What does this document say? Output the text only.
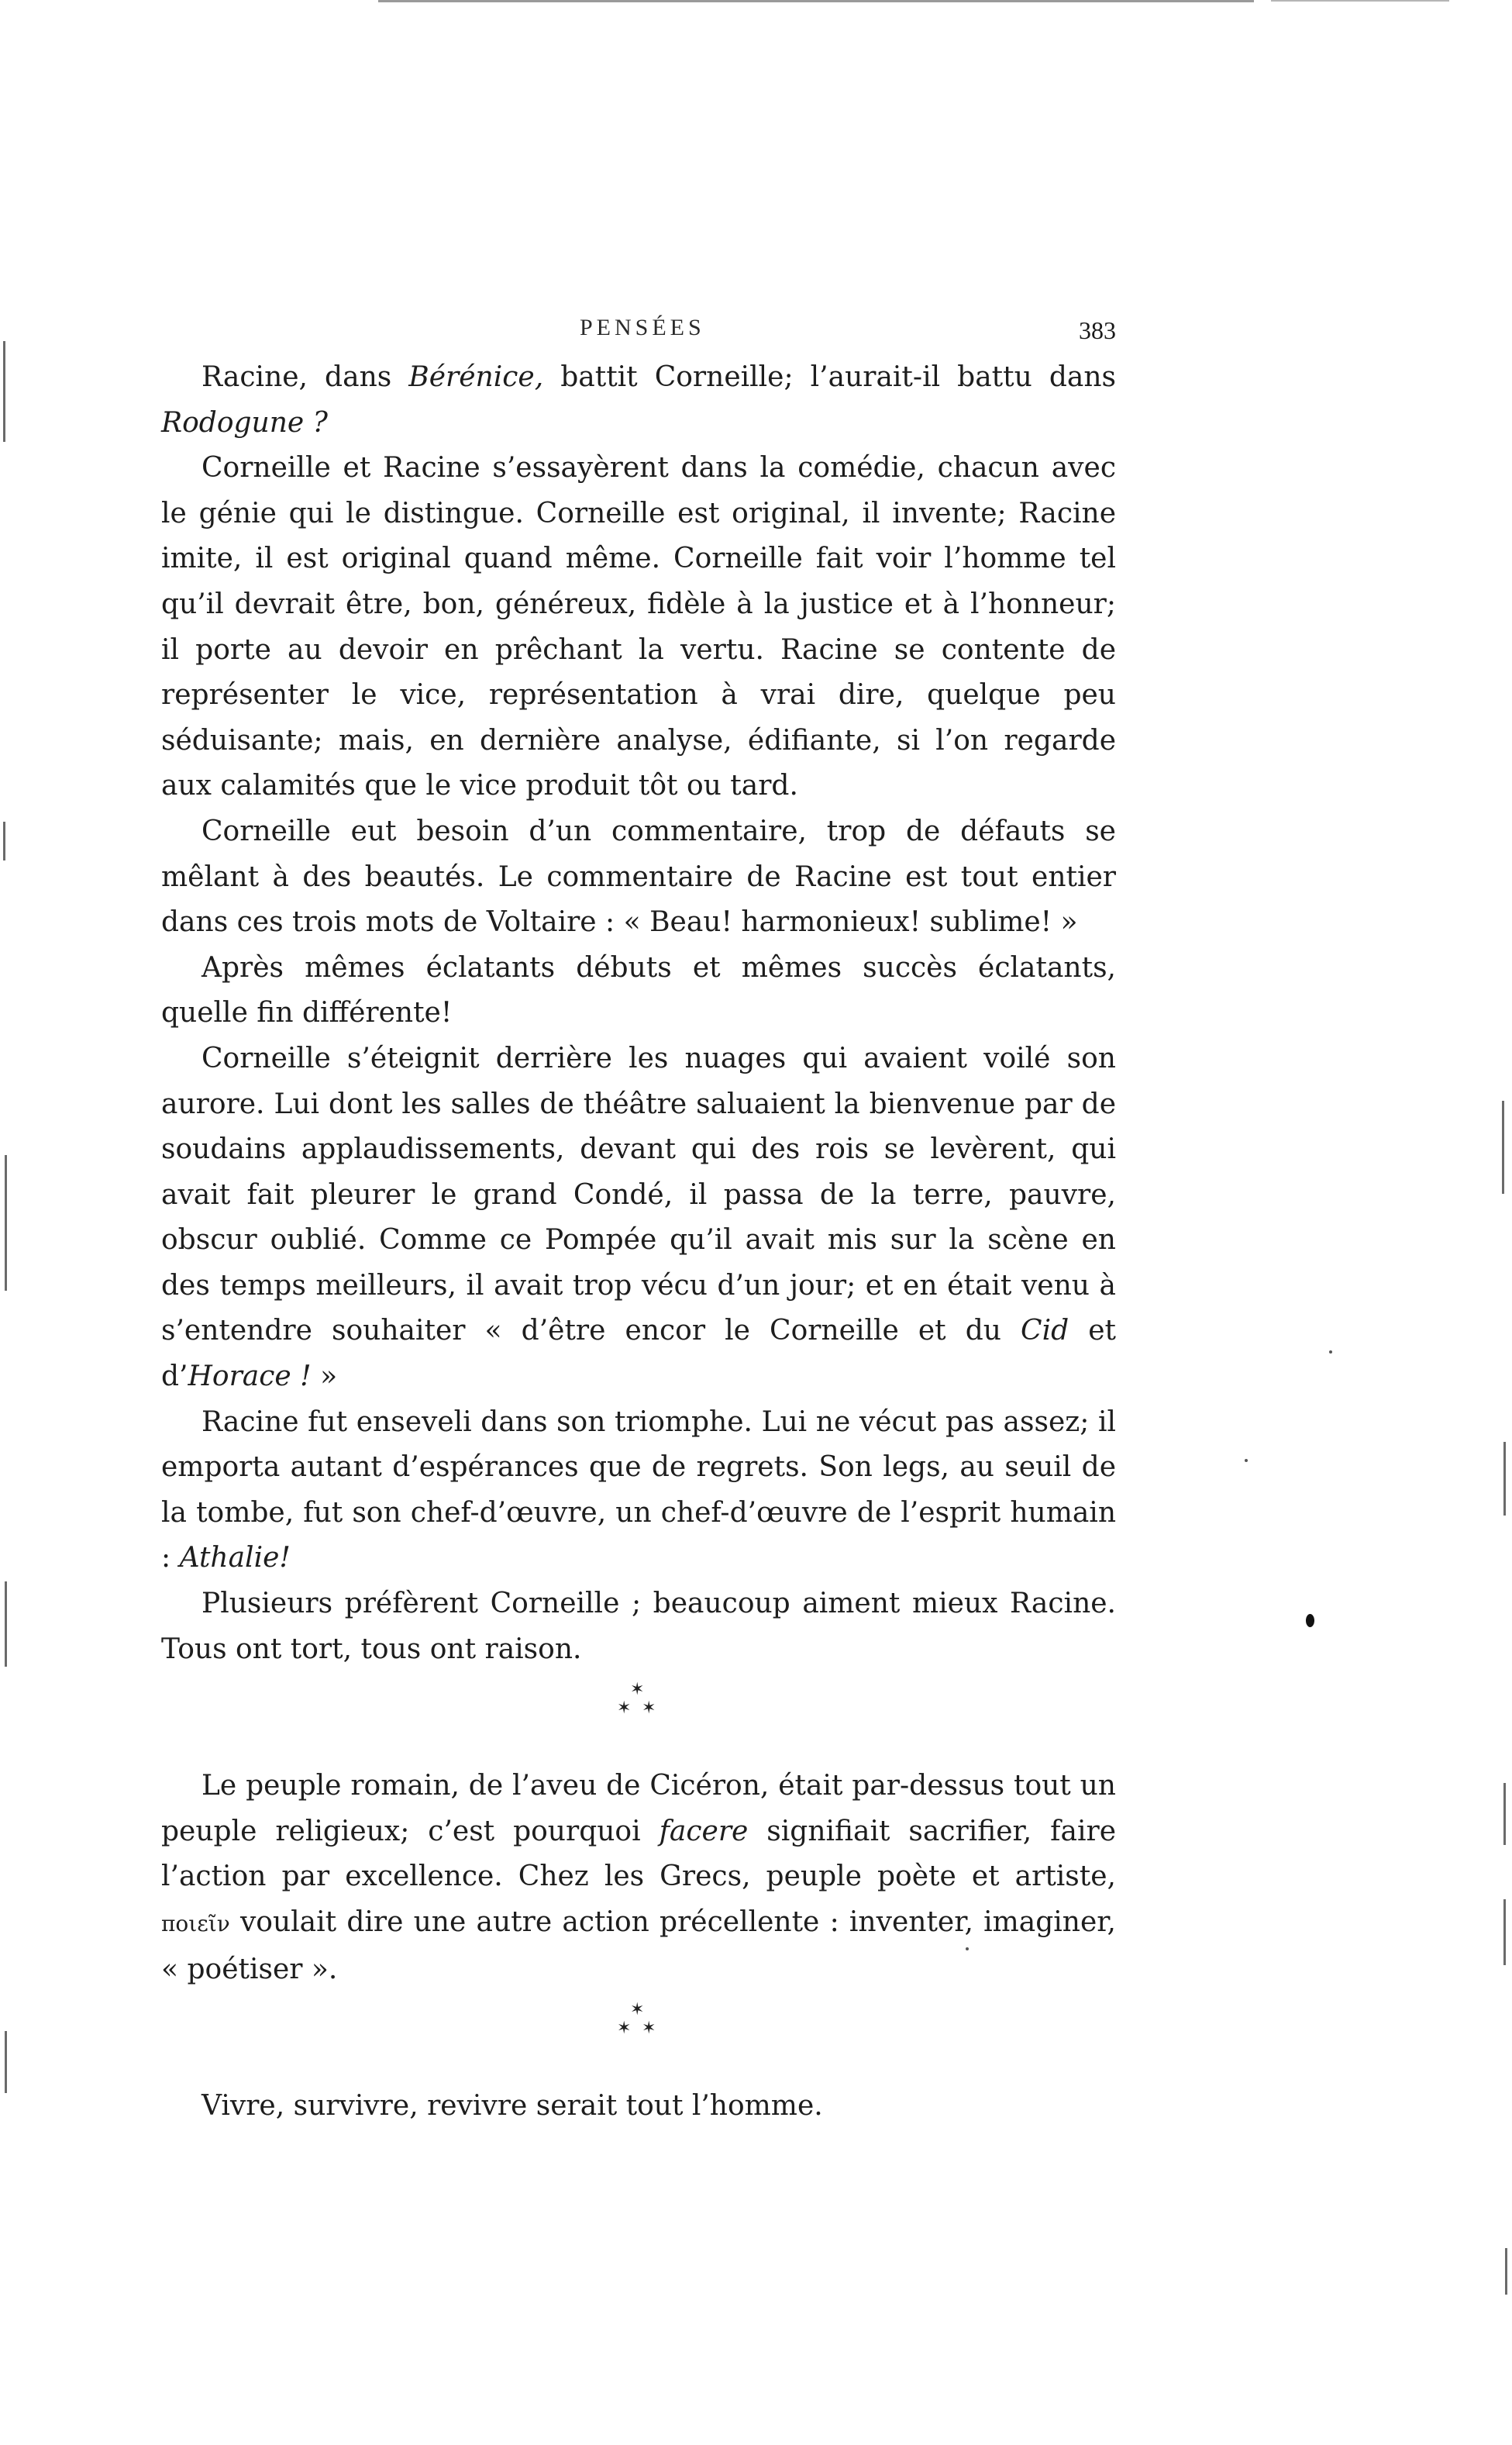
PENSÉES	383

Racine, dans Bérénice, battit Corneille; l’aurait-il battu dans Rodogune ?

Corneille et Racine s’essayèrent dans la comédie, chacun avec le génie qui le distingue. Corneille est original, il invente; Racine imite, il est original quand même. Corneille fait voir l’homme tel qu’il devrait être, bon, généreux, fidèle à la justice et à l’honneur; il porte au devoir en prêchant la vertu. Racine se contente de représenter le vice, représentation à vrai dire, quelque peu séduisante; mais, en dernière analyse, édifiante, si l’on regarde aux calamités que le vice produit tôt ou tard.

Corneille eut besoin d’un commentaire, trop de défauts se mêlant à des beautés. Le commentaire de Racine est tout entier dans ces trois mots de Voltaire : « Beau! harmonieux! sublime! »

Après mêmes éclatants débuts et mêmes succès éclatants, quelle fin différente!

Corneille s’éteignit derrière les nuages qui avaient voilé son aurore. Lui dont les salles de théâtre saluaient la bienvenue par de soudains applaudissements, devant qui des rois se levèrent, qui avait fait pleurer le grand Condé, il passa de la terre, pauvre, obscur oublié. Comme ce Pompée qu’il avait mis sur la scène en des temps meilleurs, il avait trop vécu d’un jour; et en était venu à s’entendre souhaiter « d’être encor le Corneille et du Cid et d’Horace ! »

Racine fut enseveli dans son triomphe. Lui ne vécut pas assez; il emporta autant d’espérances que de regrets. Son legs, au seuil de la tombe, fut son chef-d’œuvre, un chef-d’œuvre de l’esprit humain : Athalie!

Plusieurs préfèrent Corneille ; beaucoup aiment mieux Racine. Tous ont tort, tous ont raison.

✶
✶ ✶

Le peuple romain, de l’aveu de Cicéron, était par-dessus tout un peuple religieux; c’est pourquoi facere signifiait sacrifier, faire l’action par excellence. Chez les Grecs, peuple poète et artiste, ποιεῖν voulait dire une autre action précellente : inventer, imaginer, « poétiser ».

✶
✶ ✶

Vivre, survivre, revivre serait tout l’homme.
